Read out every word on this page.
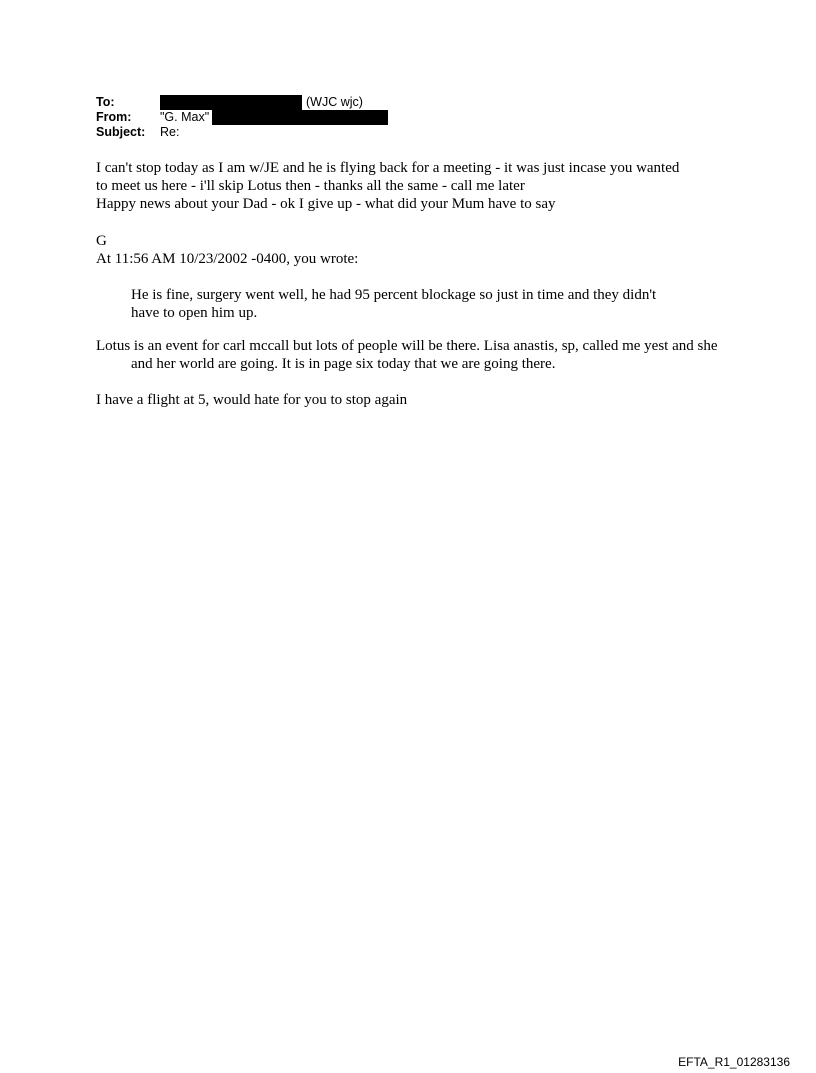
To:	(WJC wjc)
From:	"G. Max"
Subject:	Re:

I can't stop today as I am w/JE and he is flying back for a meeting - it was just incase you wanted

to meet us here - i'll skip Lotus then - thanks all the same - call me later

Happy news about your Dad - ok I give up - what did your Mum have to say

G

At 11:56 AM 10/23/2002 -0400, you wrote:

He is fine, surgery went well, he had 95 percent blockage so just in time and they didn't have to open him up.

Lotus is an event for carl mccall but lots of people will be there. Lisa anastis, sp, called me yest and she and her world are going. It is in page six today that we are going there.

I have a flight at 5, would hate for you to stop again

EFTA_R1_01283136
